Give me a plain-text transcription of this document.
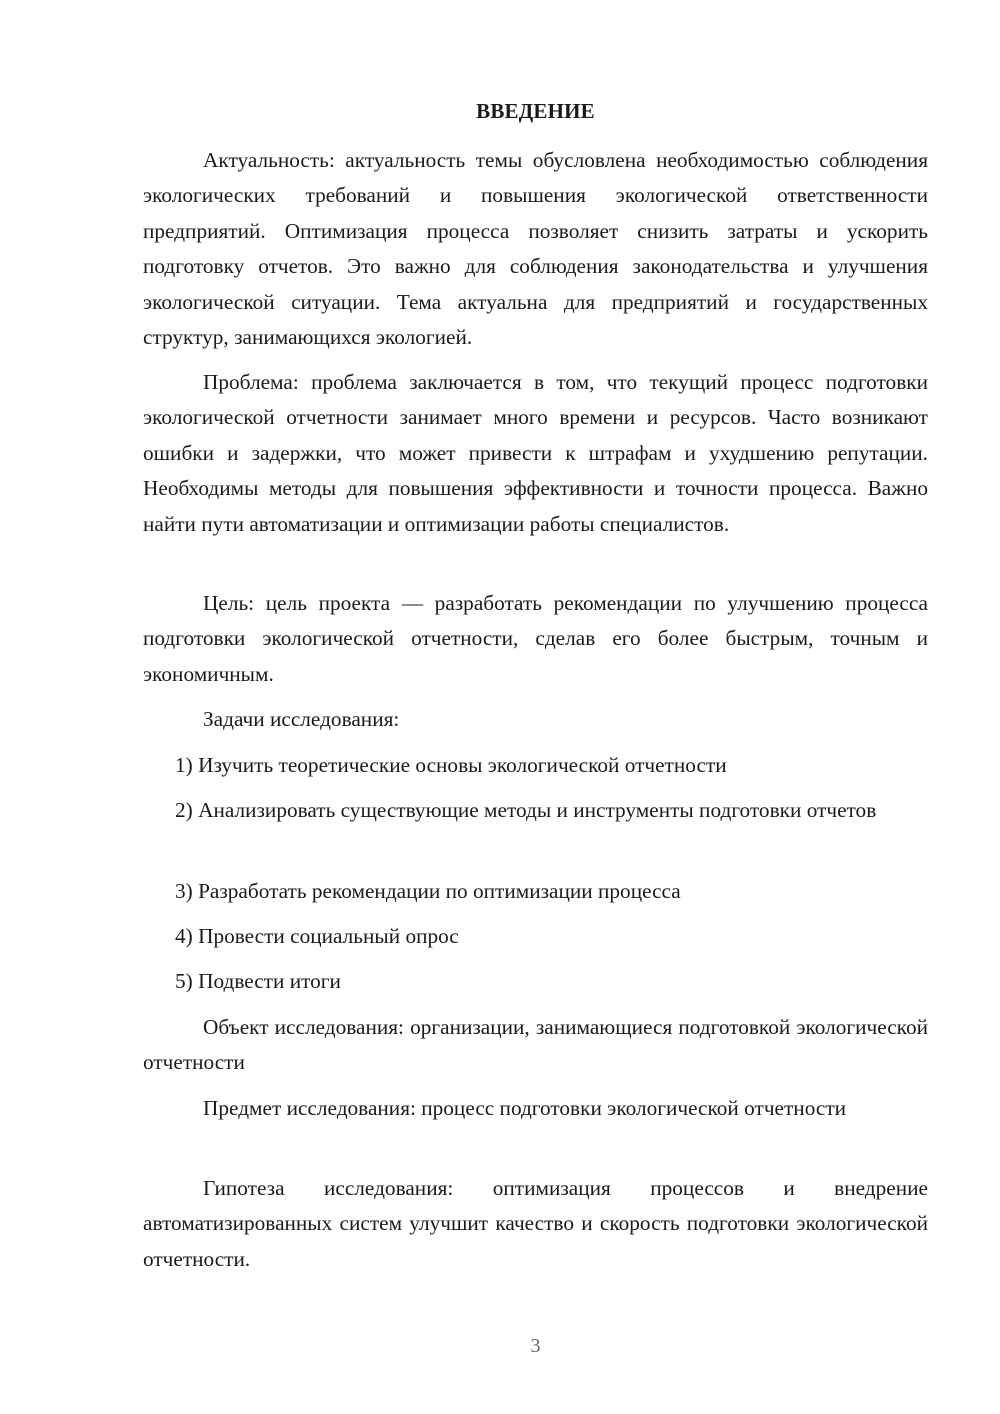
ВВЕДЕНИЕ

Актуальность: актуальность темы обусловлена необходимостью соблюдения экологических требований и повышения экологической ответственности предприятий. Оптимизация процесса позволяет снизить затраты и ускорить подготовку отчетов. Это важно для соблюдения законодательства и улучшения экологической ситуации. Тема актуальна для предприятий и государственных структур, занимающихся экологией.

Проблема: проблема заключается в том, что текущий процесс подготовки экологической отчетности занимает много времени и ресурсов. Часто возникают ошибки и задержки, что может привести к штрафам и ухудшению репутации. Необходимы методы для повышения эффективности и точности процесса. Важно найти пути автоматизации и оптимизации работы специалистов.

Цель: цель проекта — разработать рекомендации по улучшению процесса подготовки экологической отчетности, сделав его более быстрым, точным и экономичным.

Задачи исследования:

1) Изучить теоретические основы экологической отчетности

2) Анализировать существующие методы и инструменты подготовки отчетов

3) Разработать рекомендации по оптимизации процесса

4) Провести социальный опрос

5) Подвести итоги

Объект исследования: организации, занимающиеся подготовкой экологической отчетности

Предмет исследования: процесс подготовки экологической отчетности

Гипотеза исследования: оптимизация процессов и внедрение автоматизированных систем улучшит качество и скорость подготовки экологической отчетности.

3
